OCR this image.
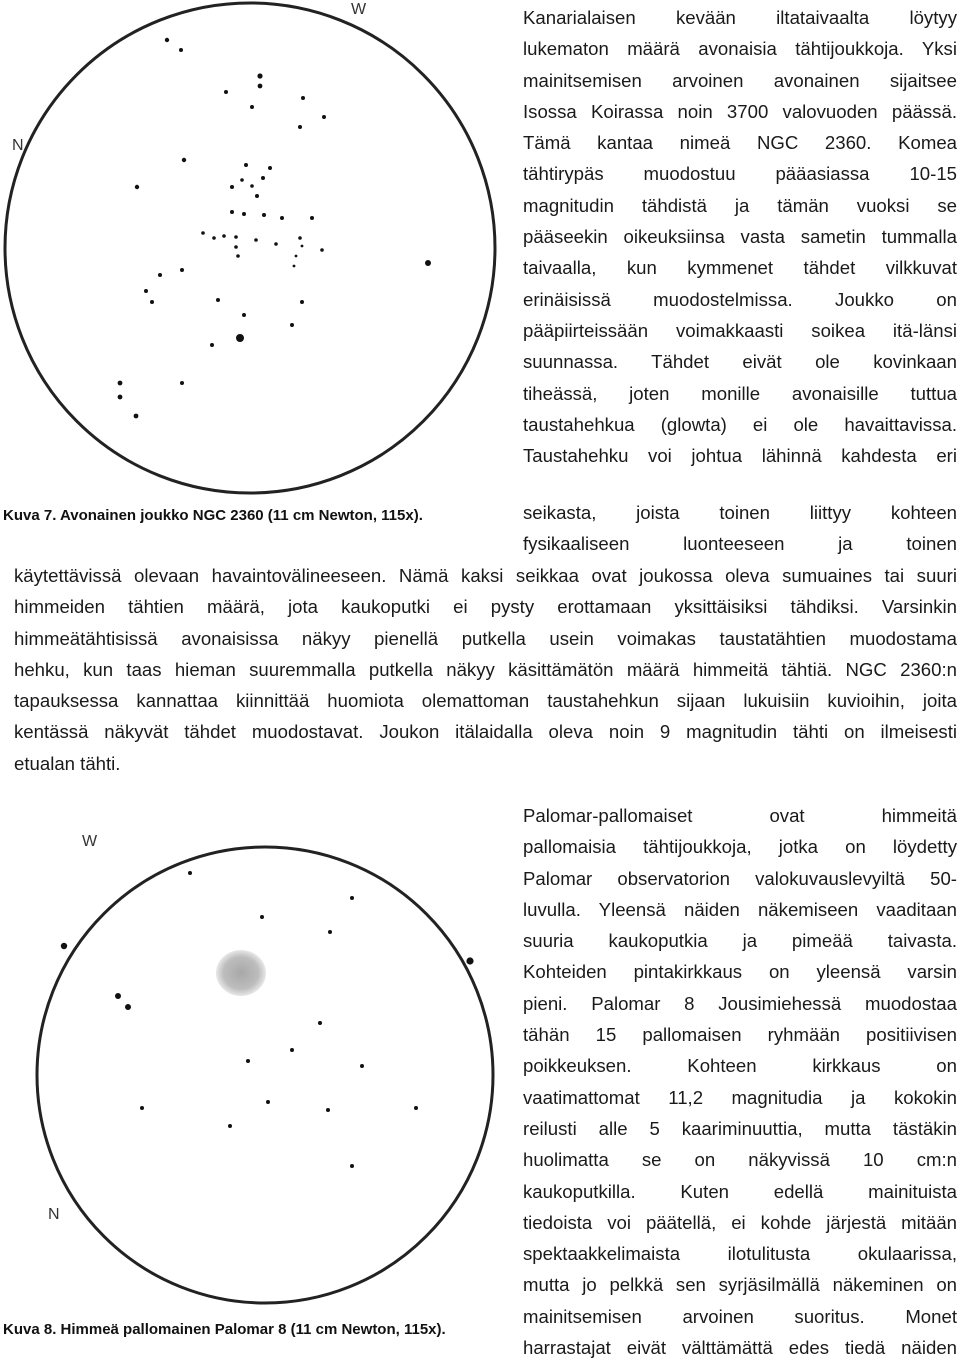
W
N
Kuva 7. Avonainen joukko NGC 2360 (11 cm Newton, 115x).
Kanarialaisen kevään iltataivaalta löytyy
lukematon määrä avonaisia tähtijoukkoja. Yksi
mainitsemisen arvoinen avonainen sijaitsee
Isossa Koirassa noin 3700 valovuoden päässä.
Tämä kantaa nimeä NGC 2360. Komea
tähtirypäs muodostuu pääasiassa 10-15
magnitudin tähdistä ja tämän vuoksi se
pääseekin oikeuksiinsa vasta sametin tummalla
taivaalla, kun kymmenet tähdet vilkkuvat
erinäisissä muodostelmissa. Joukko on
pääpiirteissään voimakkaasti soikea itä-länsi
suunnassa. Tähdet eivät ole kovinkaan
tiheässä, joten monille avonaisille tuttua
taustahehkua (glowta) ei ole havaittavissa.
Taustahehku voi johtua lähinnä kahdesta eri
seikasta, joista toinen liittyy kohteen
fysikaaliseen luonteeseen ja toinen
käytettävissä olevaan havaintovälineeseen. Nämä kaksi seikkaa ovat joukossa oleva sumuaines tai suuri
himmeiden tähtien määrä, jota kaukoputki ei pysty erottamaan yksittäisiksi tähdiksi. Varsinkin
himmeätähtisissä avonaisissa näkyy pienellä putkella usein voimakas taustatähtien muodostama
hehku, kun taas hieman suuremmalla putkella näkyy käsittämätön määrä himmeitä tähtiä. NGC 2360:n
tapauksessa kannattaa kiinnittää huomiota olemattoman taustahehkun sijaan lukuisiin kuvioihin, joita
kentässä näkyvät tähdet muodostavat. Joukon itälaidalla oleva noin 9 magnitudin tähti on ilmeisesti
etualan tähti.
W
N
Kuva 8. Himmeä pallomainen Palomar 8 (11 cm Newton, 115x).
Palomar-pallomaiset ovat himmeitä
pallomaisia tähtijoukkoja, jotka on löydetty
Palomar observatorion valokuvauslevyiltä 50-
luvulla. Yleensä näiden näkemiseen vaaditaan
suuria kaukoputkia ja pimeää taivasta.
Kohteiden pintakirkkaus on yleensä varsin
pieni. Palomar 8 Jousimiehessä muodostaa
tähän 15 pallomaisen ryhmään positiivisen
poikkeuksen. Kohteen kirkkaus on
vaatimattomat 11,2 magnitudia ja kokokin
reilusti alle 5 kaariminuuttia, mutta tästäkin
huolimatta se on näkyvissä 10 cm:n
kaukoputkilla. Kuten edellä mainituista
tiedoista voi päätellä, ei kohde järjestä mitään
spektaakkelimaista ilotulitusta okulaarissa,
mutta jo pelkkä sen syrjäsilmällä näkeminen on
mainitsemisen arvoinen suoritus. Monet
harrastajat eivät välttämättä edes tiedä näiden
